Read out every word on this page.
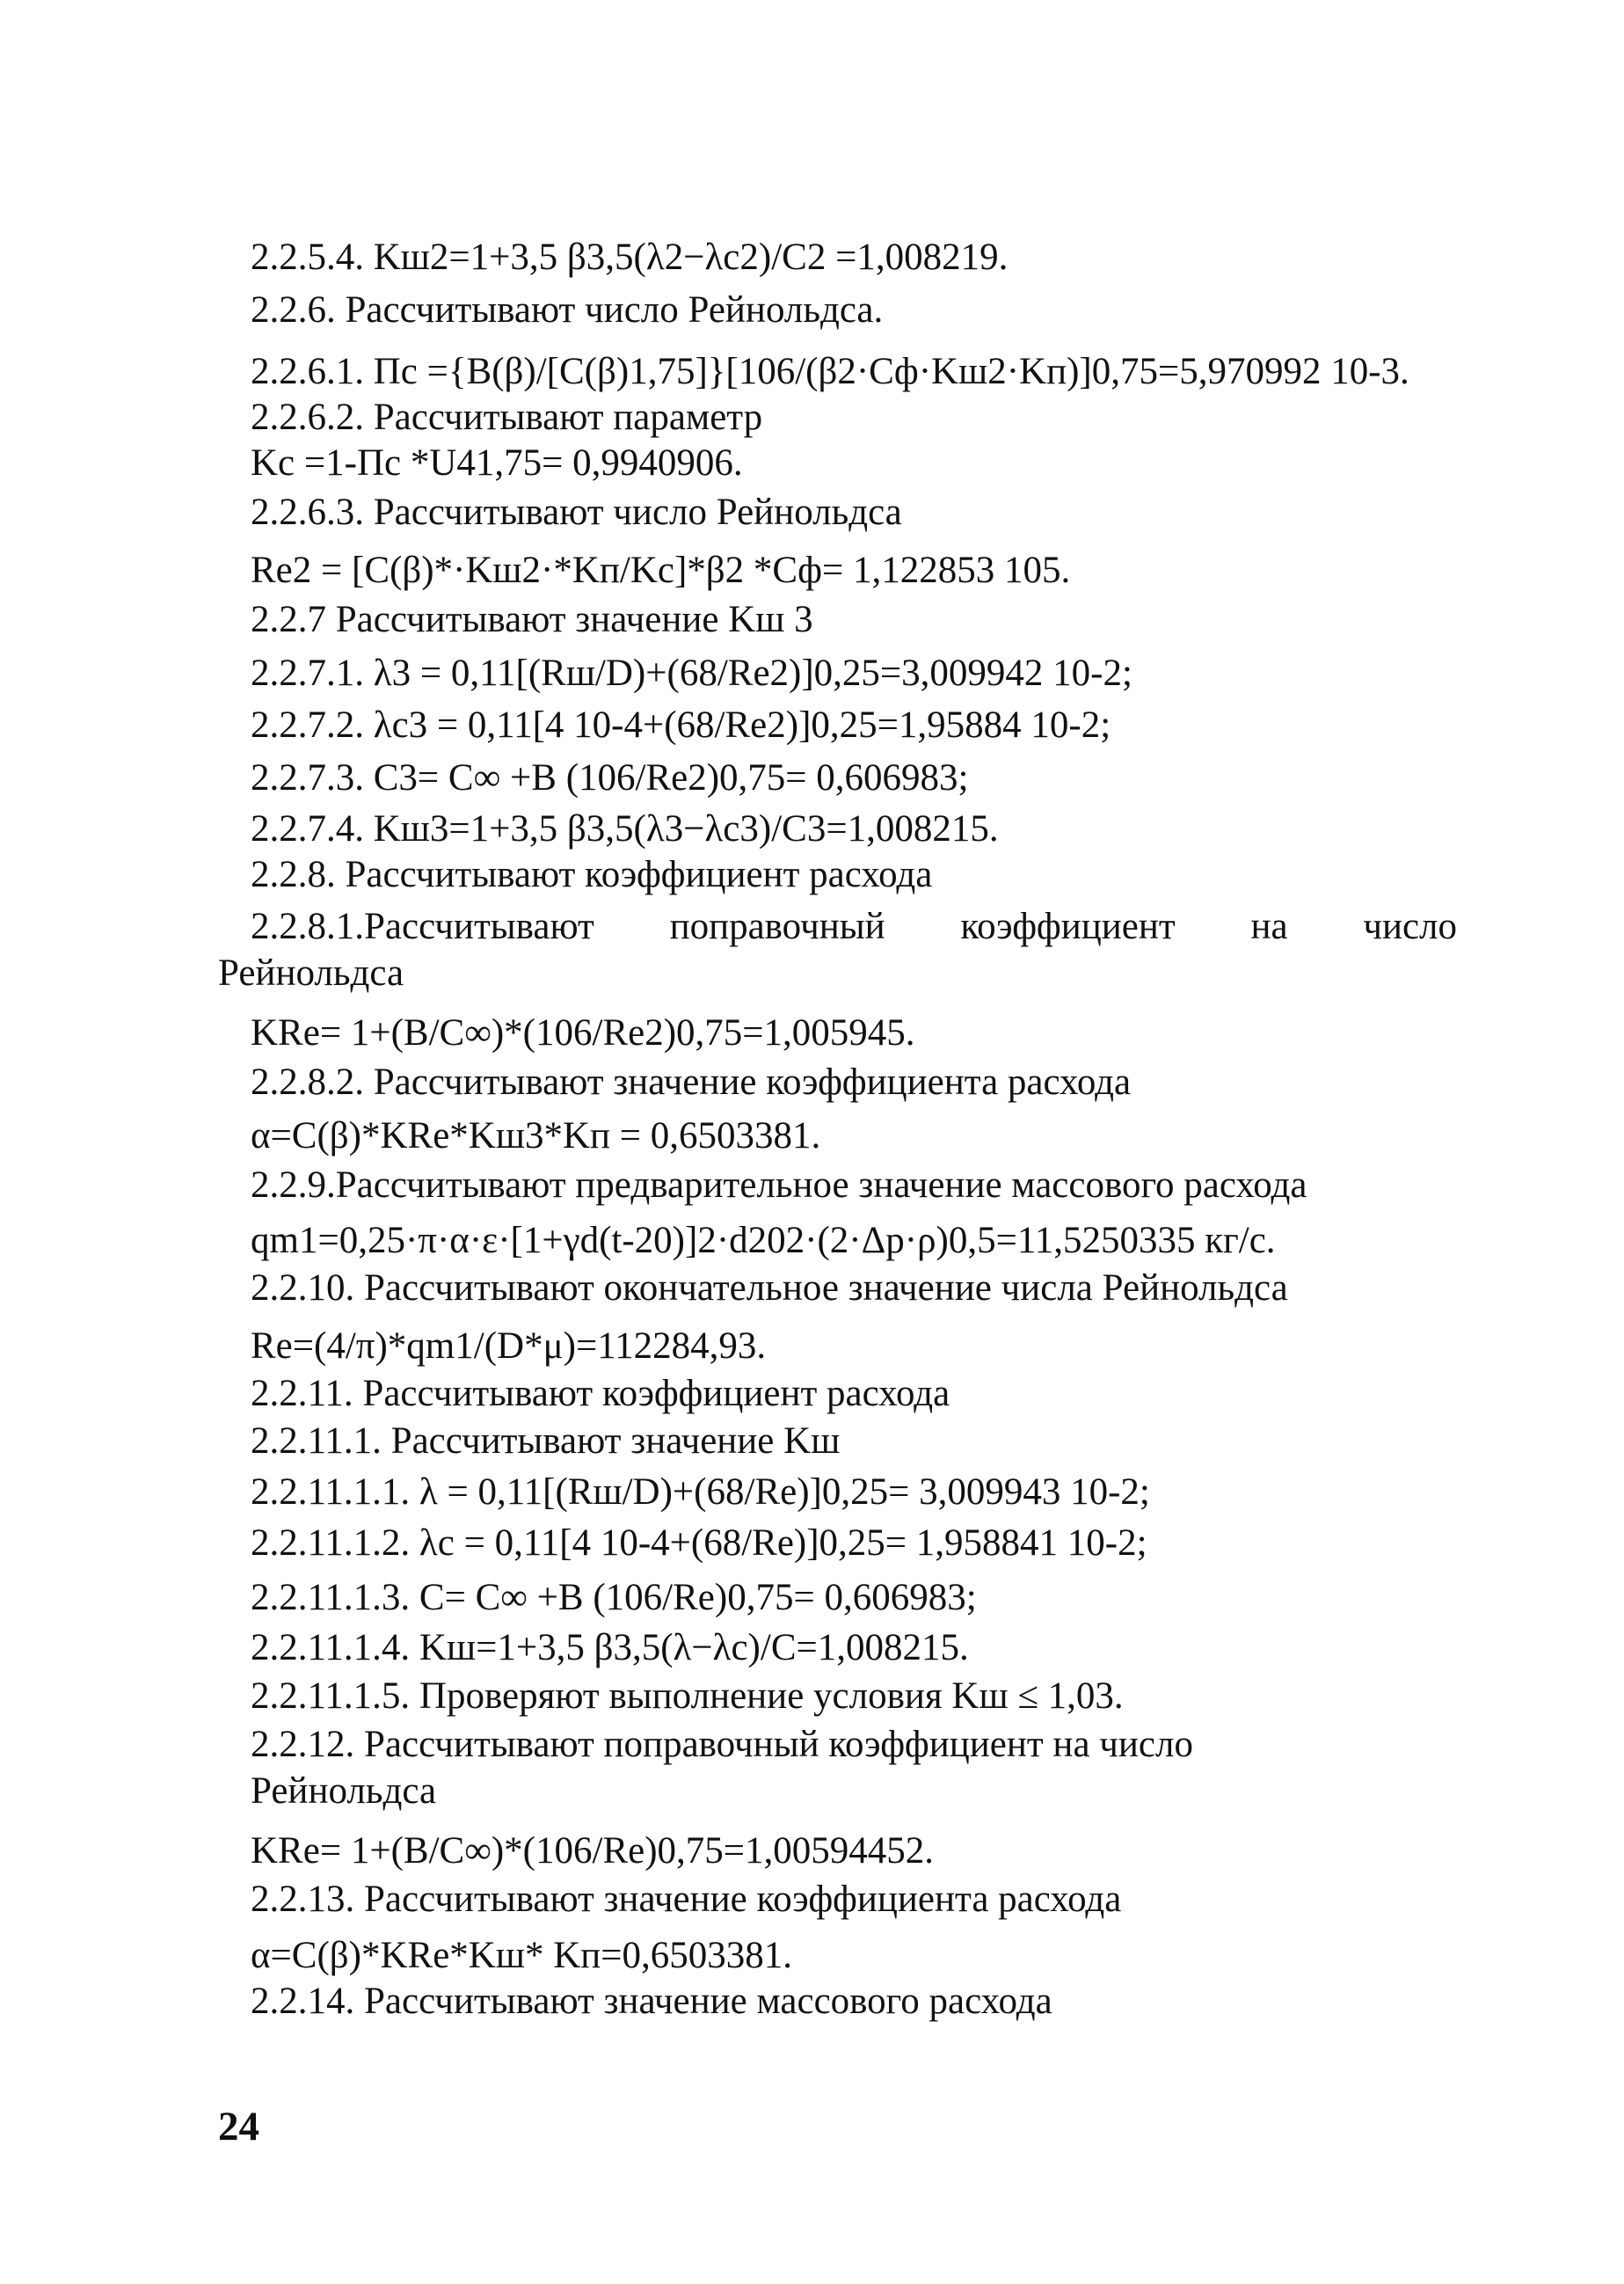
2.2.5.4. Kш2=1+3,5 β3,5(λ2−λc2)/C2 =1,008219.
2.2.6. Рассчитывают число Рейнольдса.
2.2.6.1. Пс ={B(β)/[C(β)1,75]}[106/(β2·Cф·Kш2·Kп)]0,75=5,970992 10-3.
2.2.6.2. Рассчитывают параметр
Kc =1-Пс *U41,75= 0,9940906.
2.2.6.3. Рассчитывают число Рейнольдса
Re2 = [C(β)*·Kш2·*Kп/Kc]*β2 *Cф= 1,122853 105.
2.2.7 Рассчитывают значение Kш 3
2.2.7.1. λ3 = 0,11[(Rш/D)+(68/Re2)]0,25=3,009942 10-2;
2.2.7.2. λc3 = 0,11[4 10-4+(68/Re2)]0,25=1,95884 10-2;
2.2.7.3. C3= C∞ +B (106/Re2)0,75= 0,606983;
2.2.7.4. Kш3=1+3,5 β3,5(λ3−λc3)/C3=1,008215.
2.2.8. Рассчитывают коэффициент расхода
2.2.8.1.Рассчитывают поправочный коэффициент на число
Рейнольдса
KRe= 1+(B/C∞)*(106/Re2)0,75=1,005945.
2.2.8.2. Рассчитывают значение коэффициента расхода
α=C(β)*KRe*Kш3*Kп = 0,6503381.
2.2.9.Рассчитывают предварительное значение массового расхода
qm1=0,25·π·α·ε·[1+γd(t-20)]2·d202·(2·Δp·ρ)0,5=11,5250335 кг/с.
2.2.10. Рассчитывают окончательное значение числа Рейнольдса
Re=(4/π)*qm1/(D*μ)=112284,93.
2.2.11. Рассчитывают коэффициент расхода
2.2.11.1. Рассчитывают значение Kш
2.2.11.1.1. λ = 0,11[(Rш/D)+(68/Re)]0,25= 3,009943 10-2;
2.2.11.1.2. λc = 0,11[4 10-4+(68/Re)]0,25= 1,958841 10-2;
2.2.11.1.3. C= C∞ +B (106/Re)0,75= 0,606983;
2.2.11.1.4. Kш=1+3,5 β3,5(λ−λc)/C=1,008215.
2.2.11.1.5. Проверяют выполнение условия Kш ≤ 1,03.
2.2.12. Рассчитывают поправочный коэффициент на число
Рейнольдса
KRe= 1+(B/C∞)*(106/Re)0,75=1,00594452.
2.2.13. Рассчитывают значение коэффициента расхода
α=C(β)*KRe*Kш* Kп=0,6503381.
2.2.14. Рассчитывают значение массового расхода
24
